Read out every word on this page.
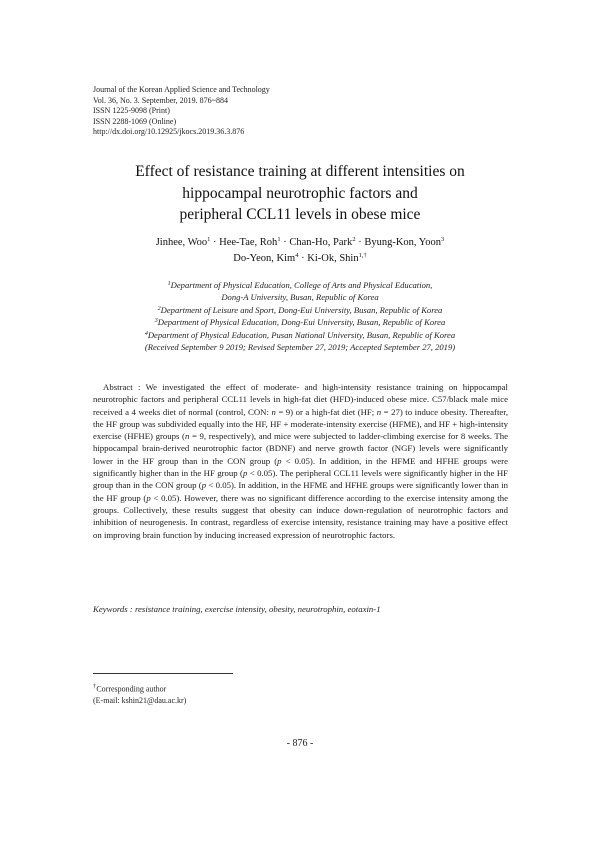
Journal of the Korean Applied Science and Technology
Vol. 36, No. 3. September, 2019. 876~884
ISSN 1225-9098 (Print)
ISSN 2288-1069 (Online)
http://dx.doi.org/10.12925/jkocs.2019.36.3.876
Effect of resistance training at different intensities on
hippocampal neurotrophic factors and
peripheral CCL11 levels in obese mice
Jinhee, Woo$^1$ · Hee-Tae, Roh$^1$ · Chan-Ho, Park$^2$ · Byung-Kon, Yoon$^3$
Do-Yeon, Kim$^4$ · Ki-Ok, Shin$^{1,\dagger}$
$^1$Department of Physical Education, College of Arts and Physical Education,
Dong-A University, Busan, Republic of Korea
$^2$Department of Leisure and Sport, Dong-Eui University, Busan, Republic of Korea
$^3$Department of Physical Education, Dong-Eui University, Busan, Republic of Korea
$^4$Department of Physical Education, Pusan National University, Busan, Republic of Korea
(Received September 9 2019; Revised September 27, 2019; Accepted September 27, 2019)
Abstract : We investigated the effect of moderate- and high-intensity resistance training on hippocampal neurotrophic factors and peripheral CCL11 levels in high-fat diet (HFD)-induced obese mice. C57/black male mice received a 4 weeks diet of normal (control, CON: n = 9) or a high-fat diet (HF; n = 27) to induce obesity. Thereafter, the HF group was subdivided equally into the HF, HF + moderate-intensity exercise (HFME), and HF + high-intensity exercise (HFHE) groups (n = 9, respectively), and mice were subjected to ladder-climbing exercise for 8 weeks. The hippocampal brain-derived neurotrophic factor (BDNF) and nerve growth factor (NGF) levels were significantly lower in the HF group than in the CON group (p < 0.05). In addition, in the HFME and HFHE groups were significantly higher than in the HF group (p < 0.05). The peripheral CCL11 levels were significantly higher in the HF group than in the CON group (p < 0.05). In addition, in the HFME and HFHE groups were significantly lower than in the HF group (p < 0.05). However, there was no significant difference according to the exercise intensity among the groups. Collectively, these results suggest that obesity can induce down-regulation of neurotrophic factors and inhibition of neurogenesis. In contrast, regardless of exercise intensity, resistance training may have a positive effect on improving brain function by inducing increased expression of neurotrophic factors.
Keywords : resistance training, exercise intensity, obesity, neurotrophin, eotaxin-1
†Corresponding author
(E-mail: kshin21@dau.ac.kr)
- 876 -
